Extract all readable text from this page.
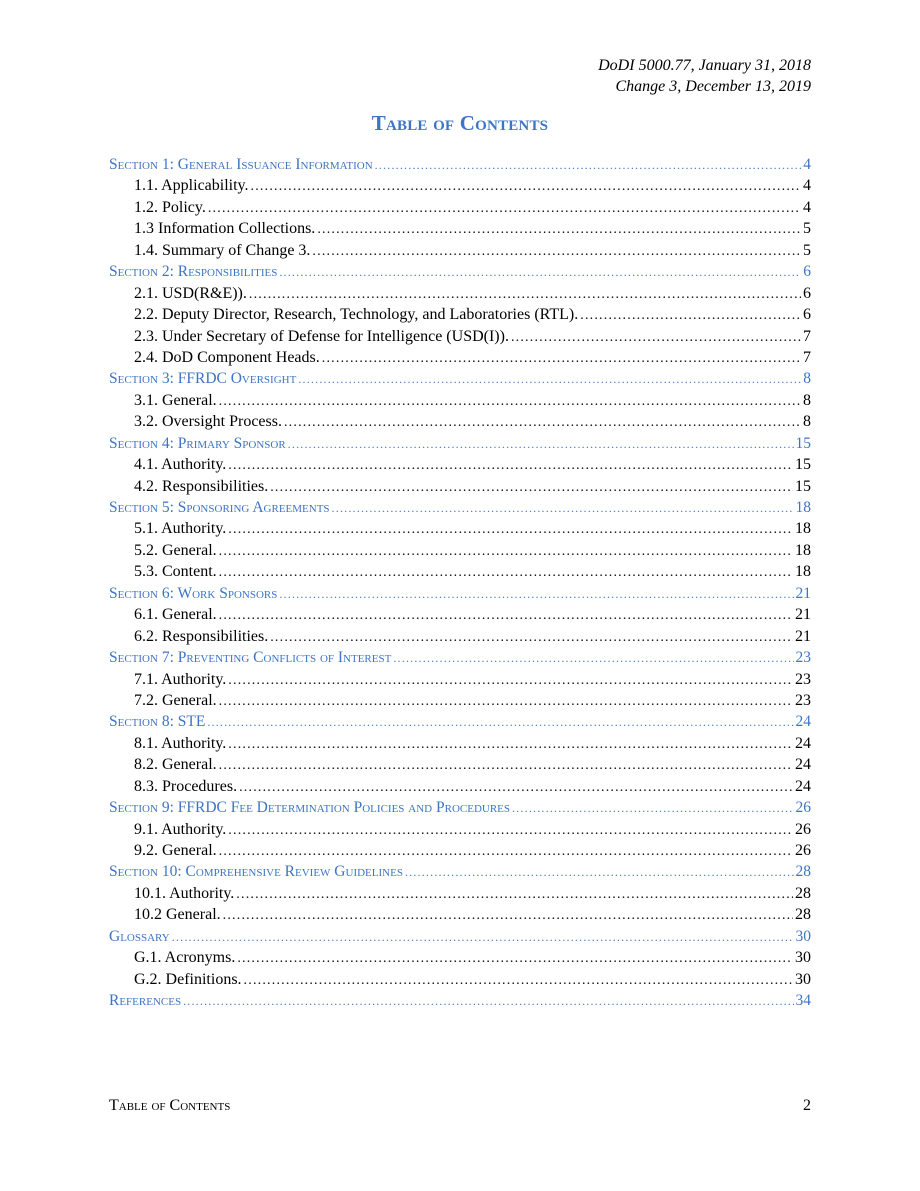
DoDI 5000.77, January 31, 2018
Change 3, December 13, 2019
Table of Contents
Section 1: General Issuance Information .....	4
1.1. Applicability. .....	4
1.2. Policy. .....	4
1.3 Information Collections. .....	5
1.4. Summary of Change 3. .....	5
Section 2: Responsibilities .....	6
2.1. USD(R&E)). .....	6
2.2. Deputy Director, Research, Technology, and Laboratories (RTL). .....	6
2.3. Under Secretary of Defense for Intelligence (USD(I)). .....	7
2.4. DoD Component Heads. .....	7
Section 3: FFRDC Oversight .....	8
3.1. General. .....	8
3.2. Oversight Process. .....	8
Section 4: Primary Sponsor .....	15
4.1. Authority. .....	15
4.2. Responsibilities. .....	15
Section 5: Sponsoring Agreements .....	18
5.1. Authority. .....	18
5.2. General. .....	18
5.3. Content. .....	18
Section 6: Work Sponsors .....	21
6.1. General. .....	21
6.2. Responsibilities. .....	21
Section 7: Preventing Conflicts of Interest .....	23
7.1. Authority. .....	23
7.2. General. .....	23
Section 8: STE .....	24
8.1. Authority. .....	24
8.2. General. .....	24
8.3. Procedures. .....	24
Section 9: FFRDC Fee Determination Policies and Procedures .....	26
9.1. Authority. .....	26
9.2. General. .....	26
Section 10: Comprehensive Review Guidelines .....	28
10.1. Authority. .....	28
10.2 General. .....	28
Glossary .....	30
G.1. Acronyms. .....	30
G.2. Definitions. .....	30
References .....	34
Table of Contents	2
